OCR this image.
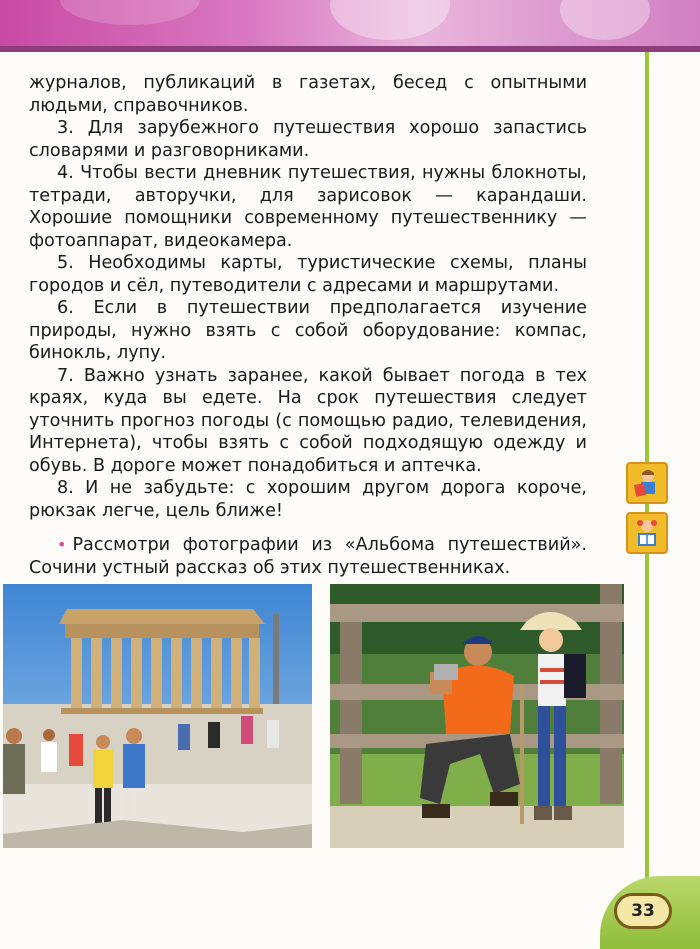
журналов, публикаций в газетах, бесед с опытными людьми, справочников.

3. Для зарубежного путешествия хорошо запастись словарями и разговорниками.

4. Чтобы вести дневник путешествия, нужны блокноты, тетради, авторучки, для зарисовок — карандаши. Хорошие помощники современному путешественнику — фотоаппарат, видеокамера.

5. Необходимы карты, туристические схемы, планы городов и сёл, путеводители с адресами и маршрутами.

6. Если в путешествии предполагается изучение природы, нужно взять с собой оборудование: компас, бинокль, лупу.

7. Важно узнать заранее, какой бывает погода в тех краях, куда вы едете. На срок путешествия следует уточнить прогноз погоды (с помощью радио, телевидения, Интернета), чтобы взять с собой подходящую одежду и обувь. В дороге может понадобиться и аптечка.

8. И не забудьте: с хорошим другом дорога короче, рюкзак легче, цель ближе!

• Рассмотри фотографии из «Альбома путешествий». Сочини устный рассказ об этих путешественниках.

33
